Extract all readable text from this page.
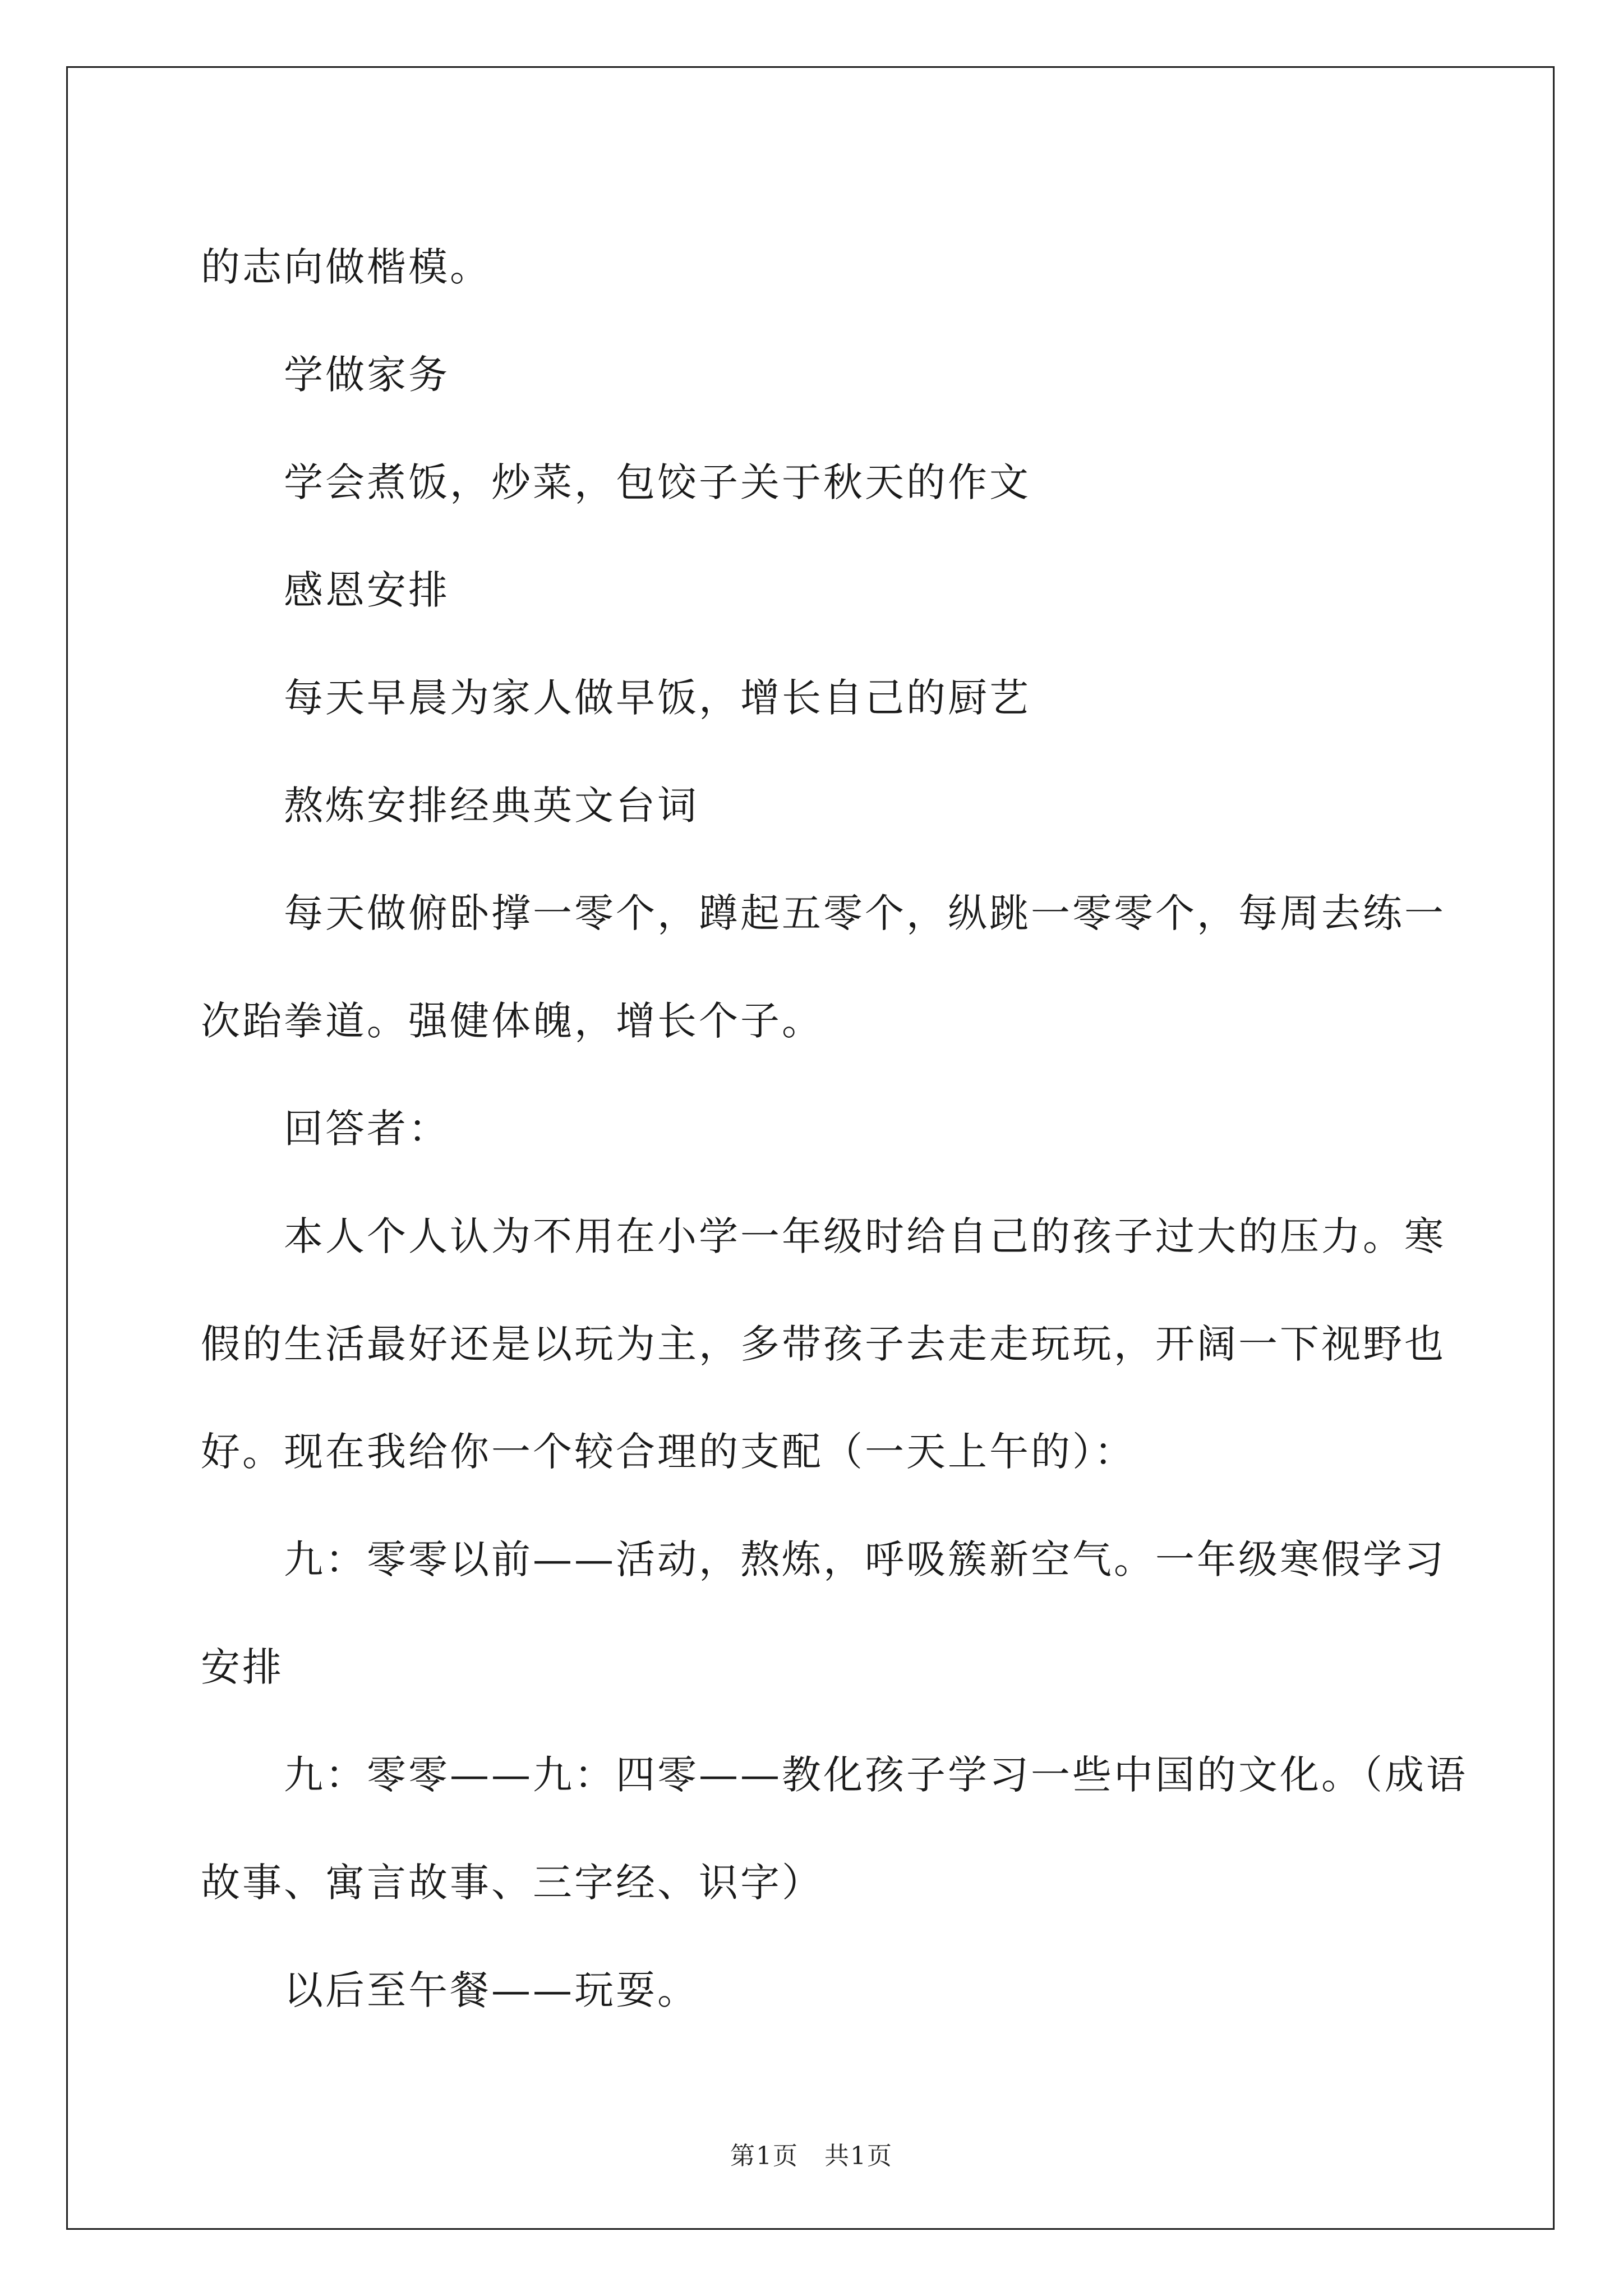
的志向做楷模。

学做家务

学会煮饭，炒菜，包饺子关于秋天的作文

感恩安排

每天早晨为家人做早饭，增长自己的厨艺

熬炼安排经典英文台词

每天做俯卧撑一零个，蹲起五零个，纵跳一零零个，每周去练一

次跆拳道。强健体魄，增长个子。

回答者：

本人个人认为不用在小学一年级时给自己的孩子过大的压力。寒

假的生活最好还是以玩为主，多带孩子去走走玩玩，开阔一下视野也

好。现在我给你一个较合理的支配（一天上午的）：

九：零零以前——活动，熬炼，呼吸簇新空气。一年级寒假学习

安排

九：零零——九：四零——教化孩子学习一些中国的文化。（成语

故事、寓言故事、三字经、识字）

以后至午餐——玩耍。

第1页　共1页
